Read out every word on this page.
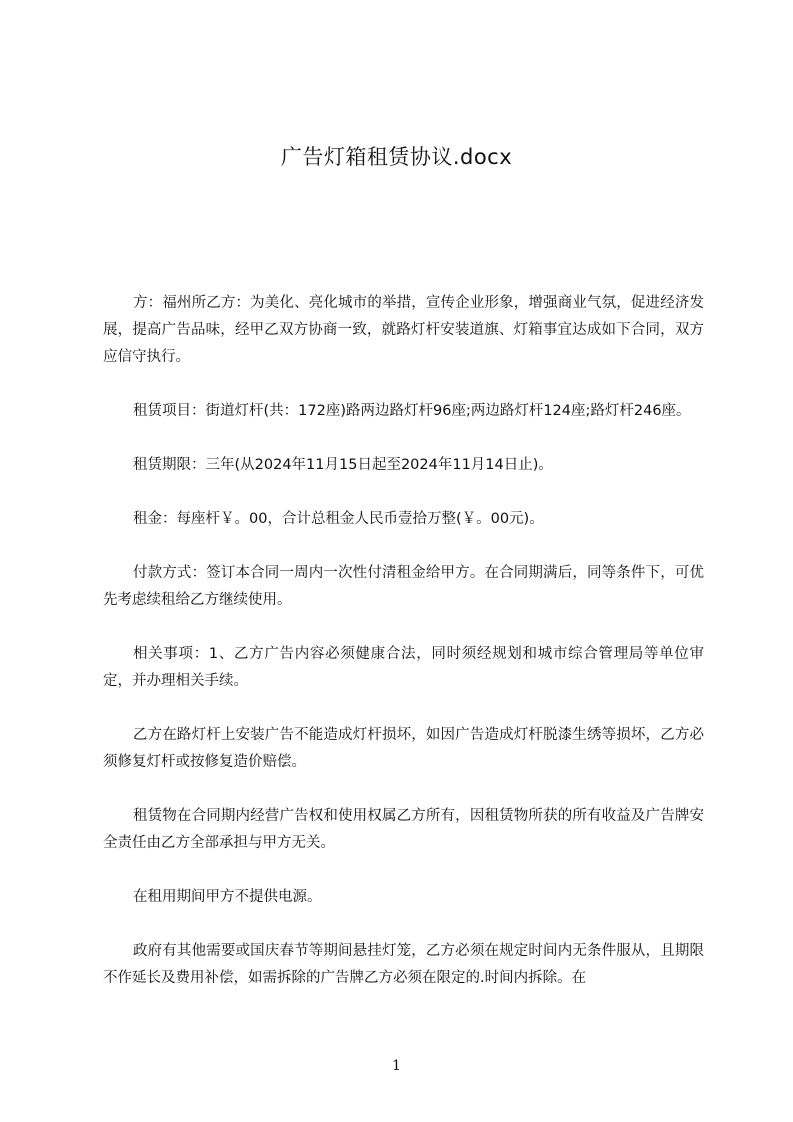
广告灯箱租赁协议.docx

方：福州所乙方：为美化、亮化城市的举措，宣传企业形象，增强商业气氛，促进经济发展，提高广告品味，经甲乙双方协商一致，就路灯杆安装道旗、灯箱事宜达成如下合同，双方应信守执行。

租赁项目：街道灯杆(共：172座)路两边路灯杆96座;两边路灯杆124座;路灯杆246座。

租赁期限：三年(从2024年11月15日起至2024年11月14日止)。

租金：每座杆￥。00，合计总租金人民币壹拾万整(￥。00元)。

付款方式：签订本合同一周内一次性付清租金给甲方。在合同期满后，同等条件下，可优先考虑续租给乙方继续使用。

相关事项：1、乙方广告内容必须健康合法，同时须经规划和城市综合管理局等单位审定，并办理相关手续。

乙方在路灯杆上安装广告不能造成灯杆损坏，如因广告造成灯杆脱漆生绣等损坏，乙方必须修复灯杆或按修复造价赔偿。

租赁物在合同期内经营广告权和使用权属乙方所有，因租赁物所获的所有收益及广告牌安全责任由乙方全部承担与甲方无关。

在租用期间甲方不提供电源。

政府有其他需要或国庆春节等期间悬挂灯笼，乙方必须在规定时间内无条件服从，且期限不作延长及费用补偿，如需拆除的广告牌乙方必须在限定的.时间内拆除。在

1
